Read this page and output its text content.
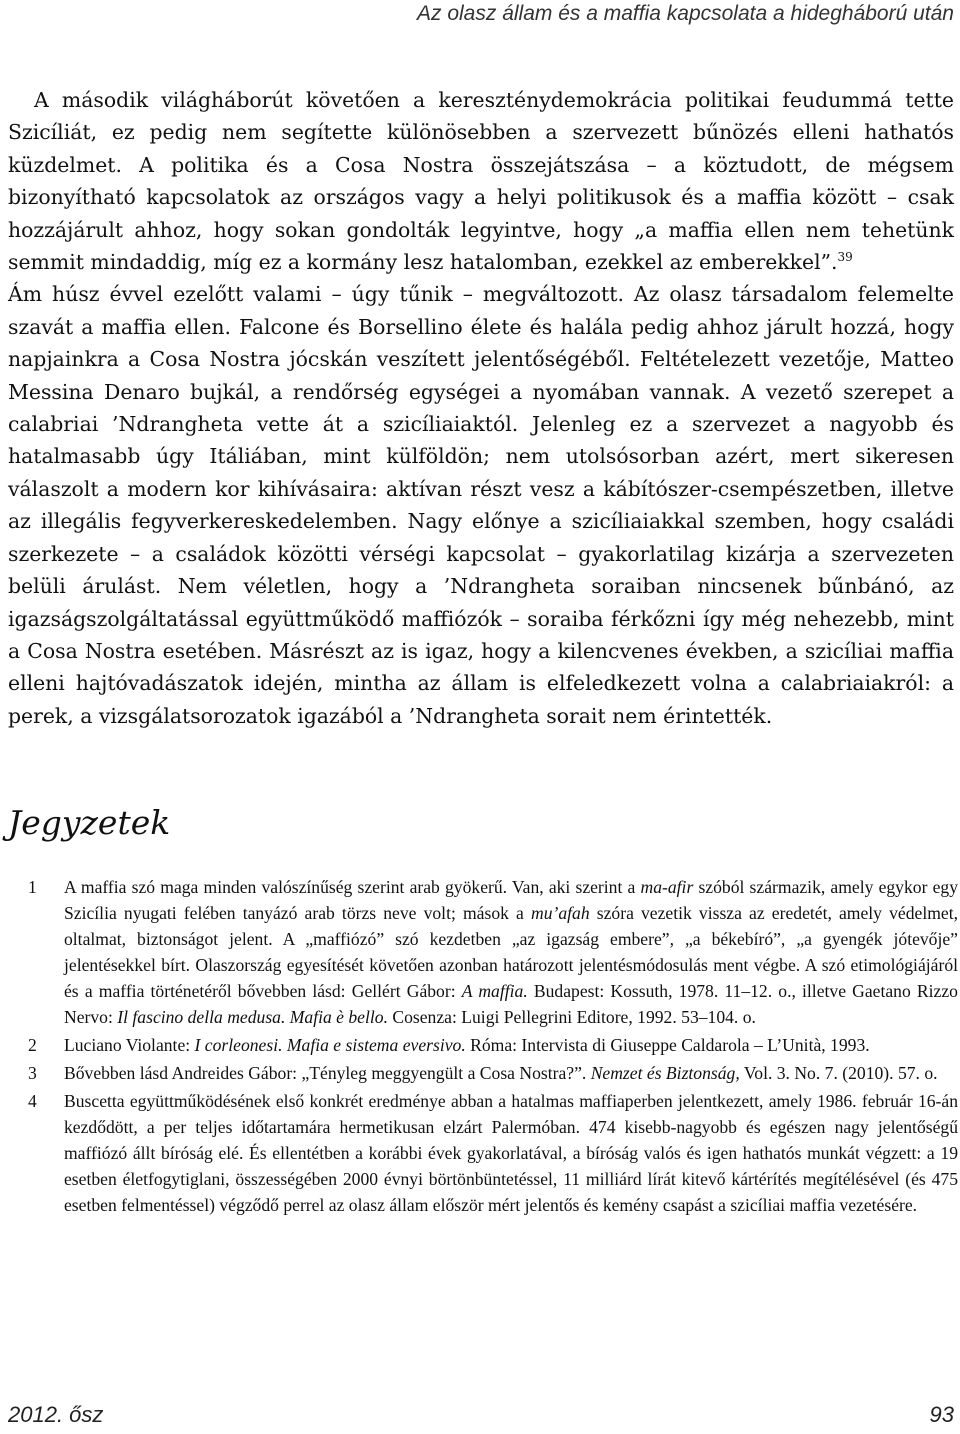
Az olasz állam és a maffia kapcsolata a hidegháború után

A második világháborút követően a kereszténydemokrácia politikai feudummá tette Szicíliát, ez pedig nem segítette különösebben a szervezett bűnözés elleni hathatós küzdelmet. A politika és a Cosa Nostra összejátszása – a köztudott, de mégsem bizonyítható kapcsolatok az országos vagy a helyi politikusok és a maffia között – csak hozzájárult ahhoz, hogy sokan gondolták legyintve, hogy „a maffia ellen nem tehetünk semmit mindaddig, míg ez a kormány lesz hatalomban, ezekkel az emberekkel”.$^{39}$

Ám húsz évvel ezelőtt valami – úgy tűnik – megváltozott. Az olasz társadalom felemelte szavát a maffia ellen. Falcone és Borsellino élete és halála pedig ahhoz járult hozzá, hogy napjainkra a Cosa Nostra jócskán veszített jelentőségéből. Feltételezett vezetője, Matteo Messina Denaro bujkál, a rendőrség egységei a nyomában vannak. A vezető szerepet a calabriai ’Ndrangheta vette át a szicíliaiaktól. Jelenleg ez a szervezet a nagyobb és hatalmasabb úgy Itáliában, mint külföldön; nem utolsósorban azért, mert sikeresen válaszolt a modern kor kihívásaira: aktívan részt vesz a kábítószer-csempészetben, illetve az illegális fegyverkereskedelemben. Nagy előnye a szicíliaiakkal szemben, hogy családi szerkezete – a családok közötti vérségi kapcsolat – gyakorlatilag kizárja a szervezeten belüli árulást. Nem véletlen, hogy a ’Ndrangheta soraiban nincsenek bűnbánó, az igazságszolgáltatással együttműködő maffiózók – soraiba férkőzni így még nehezebb, mint a Cosa Nostra esetében. Másrészt az is igaz, hogy a kilencvenes években, a szicíliai maffia elleni hajtóvadászatok idején, mintha az állam is elfeledkezett volna a calabriaiakról: a perek, a vizsgálatsorozatok igazából a ’Ndrangheta sorait nem érintették.

Jegyzetek
1	A maffia szó maga minden valószínűség szerint arab gyökerű. Van, aki szerint a ma-afir szóból származik, amely egykor egy Szicília nyugati felében tanyázó arab törzs neve volt; mások a mu’afah szóra vezetik vissza az eredetét, amely védelmet, oltalmat, biztonságot jelent. A „maffiózó” szó kezdetben „az igazság embere”, „a békebíró”, „a gyengék jótevője” jelentésekkel bírt. Olaszország egyesítését követően azonban határozott jelentésmódosulás ment végbe. A szó etimológiájáról és a maffia történetéről bővebben lásd: Gellért Gábor: A maffia. Budapest: Kossuth, 1978. 11–12. o., illetve Gaetano Rizzo Nervo: Il fascino della medusa. Mafia è bello. Cosenza: Luigi Pellegrini Editore, 1992. 53–104. o.
2	Luciano Violante: I corleonesi. Mafia e sistema eversivo. Róma: Intervista di Giuseppe Caldarola – L’Unità, 1993.
3	Bővebben lásd Andreides Gábor: „Tényleg meggyengült a Cosa Nostra?”. Nemzet és Biztonság, Vol. 3. No. 7. (2010). 57. o.
4	Buscetta együttműködésének első konkrét eredménye abban a hatalmas maffiaperben jelentkezett, amely 1986. február 16-án kezdődött, a per teljes időtartamára hermetikusan elzárt Palermóban. 474 kisebb-nagyobb és egészen nagy jelentőségű maffiózó állt bíróság elé. És ellentétben a korábbi évek gyakorlatával, a bíróság valós és igen hathatós munkát végzett: a 19 esetben életfogytiglani, összességében 2000 évnyi börtönbüntetéssel, 11 milliárd lírát kitevő kártérítés megítélésével (és 475 esetben felmentéssel) végződő perrel az olasz állam először mért jelentős és kemény csapást a szicíliai maffia vezetésére.
2012. ősz	93
